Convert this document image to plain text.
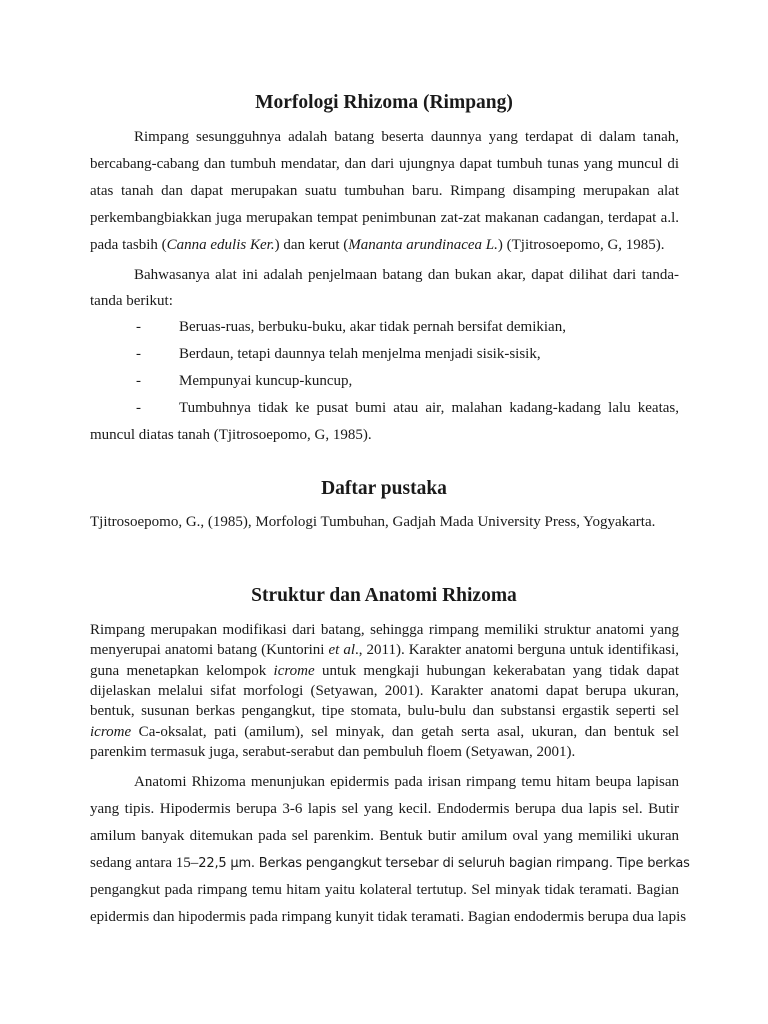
Morfologi Rhizoma (Rimpang)
Rimpang sesungguhnya adalah batang beserta daunnya yang terdapat di dalam tanah,
bercabang-cabang dan tumbuh mendatar, dan dari ujungnya dapat tumbuh tunas yang muncul di
atas tanah dan dapat merupakan suatu tumbuhan baru. Rimpang disamping merupakan alat
perkembangbiakkan juga merupakan tempat penimbunan zat-zat makanan cadangan, terdapat a.l.
pada tasbih (Canna edulis Ker.) dan kerut (Mananta arundinacea L.) (Tjitrosoepomo, G, 1985).
Bahwasanya alat ini adalah penjelmaan batang dan bukan akar, dapat dilihat dari tanda-
tanda berikut:
-	Beruas-ruas, berbuku-buku, akar tidak pernah bersifat demikian,
-	Berdaun, tetapi daunnya telah menjelma menjadi sisik-sisik,
-	Mempunyai kuncup-kuncup,
-	Tumbuhnya tidak ke pusat bumi atau air, malahan kadang-kadang lalu keatas,
muncul diatas tanah (Tjitrosoepomo, G, 1985).
Daftar pustaka
Tjitrosoepomo, G., (1985), Morfologi Tumbuhan, Gadjah Mada University Press, Yogyakarta.
Struktur dan Anatomi Rhizoma
Rimpang merupakan modifikasi dari batang, sehingga rimpang memiliki struktur anatomi yang
menyerupai anatomi batang (Kuntorini et al., 2011). Karakter anatomi berguna untuk identifikasi,
guna menetapkan kelompok icrome untuk mengkaji hubungan kekerabatan yang tidak dapat
dijelaskan melalui sifat morfologi (Setyawan, 2001). Karakter anatomi dapat berupa ukuran,
bentuk, susunan berkas pengangkut, tipe stomata, bulu-bulu dan substansi ergastik seperti sel
icrome Ca-oksalat, pati (amilum), sel minyak, dan getah serta asal, ukuran, dan bentuk sel
parenkim termasuk juga, serabut-serabut dan pembuluh floem (Setyawan, 2001).
Anatomi Rhizoma menunjukan epidermis pada irisan rimpang temu hitam beupa lapisan
yang tipis. Hipodermis berupa 3-6 lapis sel yang kecil. Endodermis berupa dua lapis sel. Butir
amilum banyak ditemukan pada sel parenkim. Bentuk butir amilum oval yang memiliki ukuran
sedang antara 15–22,5 μm. Berkas pengangkut tersebar di seluruh bagian rimpang. Tipe berkas
pengangkut pada rimpang temu hitam yaitu kolateral tertutup. Sel minyak tidak teramati. Bagian
epidermis dan hipodermis pada rimpang kunyit tidak teramati. Bagian endodermis berupa dua lapis
